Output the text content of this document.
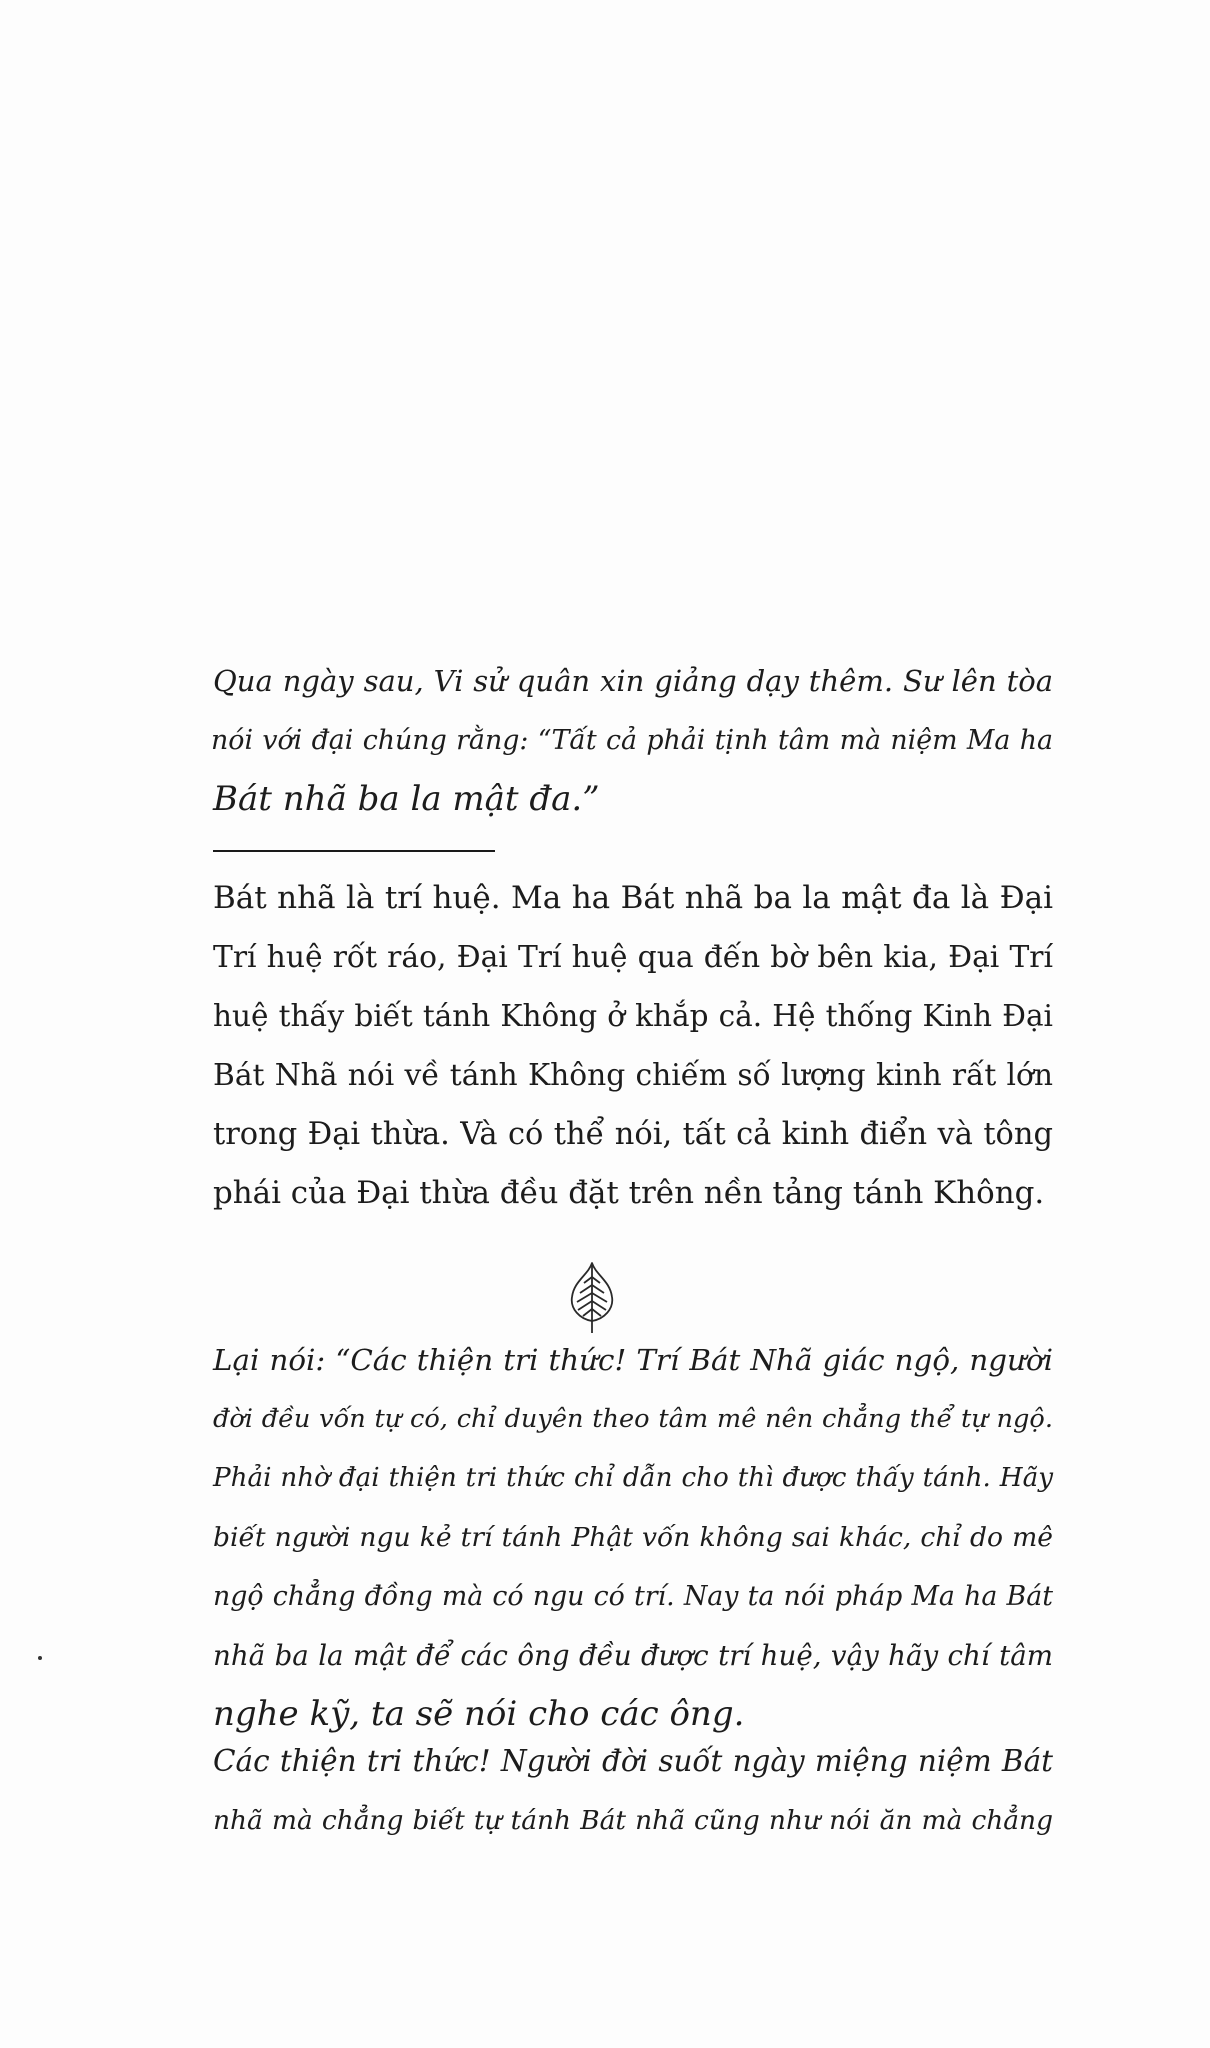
Qua ngày sau, Vi sử quân xin giảng dạy thêm. Sư lên tòa
nói với đại chúng rằng: “Tất cả phải tịnh tâm mà niệm Ma ha
Bát nhã ba la mật đa.”
Bát nhã là trí huệ. Ma ha Bát nhã ba la mật đa là Đại
Trí huệ rốt ráo, Đại Trí huệ qua đến bờ bên kia, Đại Trí
huệ thấy biết tánh Không ở khắp cả. Hệ thống Kinh Đại
Bát Nhã nói về tánh Không chiếm số lượng kinh rất lớn
trong Đại thừa. Và có thể nói, tất cả kinh điển và tông
phái của Đại thừa đều đặt trên nền tảng tánh Không.
Lại nói: “Các thiện tri thức! Trí Bát Nhã giác ngộ, người
đời đều vốn tự có, chỉ duyên theo tâm mê nên chẳng thể tự ngộ.
Phải nhờ đại thiện tri thức chỉ dẫn cho thì được thấy tánh. Hãy
biết người ngu kẻ trí tánh Phật vốn không sai khác, chỉ do mê
ngộ chẳng đồng mà có ngu có trí. Nay ta nói pháp Ma ha Bát
nhã ba la mật để các ông đều được trí huệ, vậy hãy chí tâm
nghe kỹ, ta sẽ nói cho các ông.
Các thiện tri thức! Người đời suốt ngày miệng niệm Bát
nhã mà chẳng biết tự tánh Bát nhã cũng như nói ăn mà chẳng
